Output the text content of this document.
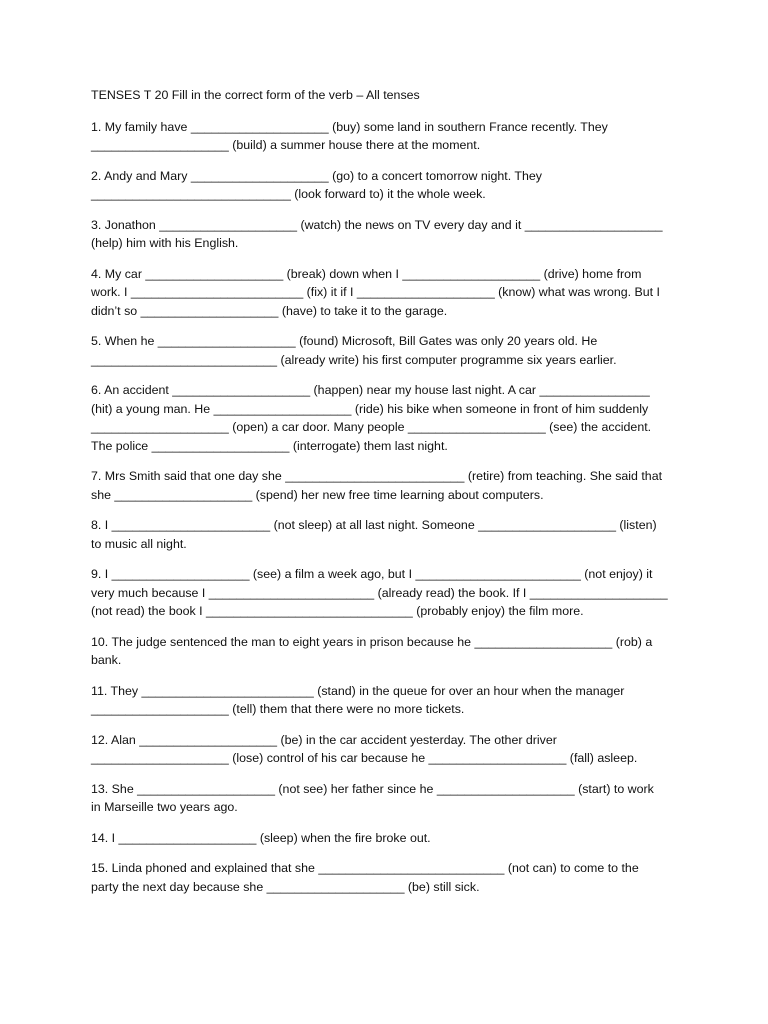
TENSES T 20 Fill in the correct form of the verb – All tenses
1. My family have ____________________ (buy) some land in southern France recently. They
____________________ (build) a summer house there at the moment.
2. Andy and Mary ____________________ (go) to a concert tomorrow night. They
_____________________________ (look forward to) it the whole week.
3. Jonathon ____________________ (watch) the news on TV every day and it ____________________
(help) him with his English.
4. My car ____________________ (break) down when I ____________________ (drive) home from
work. I _________________________ (fix) it if I ____________________ (know) what was wrong. But I
didn’t so ____________________ (have) to take it to the garage.
5. When he ____________________ (found) Microsoft, Bill Gates was only 20 years old. He
___________________________ (already write) his first computer programme six years earlier.
6. An accident ____________________ (happen) near my house last night. A car ________________
(hit) a young man. He ____________________ (ride) his bike when someone in front of him suddenly
____________________ (open) a car door. Many people ____________________ (see) the accident.
The police ____________________ (interrogate) them last night.
7. Mrs Smith said that one day she __________________________ (retire) from teaching. She said that
she ____________________ (spend) her new free time learning about computers.
8. I _______________________ (not sleep) at all last night. Someone ____________________ (listen)
to music all night.
9. I ____________________ (see) a film a week ago, but I ________________________ (not enjoy) it
very much because I ________________________ (already read) the book. If I ____________________
(not read) the book I ______________________________ (probably enjoy) the film more.
10. The judge sentenced the man to eight years in prison because he ____________________ (rob) a
bank.
11. They _________________________ (stand) in the queue for over an hour when the manager
____________________ (tell) them that there were no more tickets.
12. Alan ____________________ (be) in the car accident yesterday. The other driver
____________________ (lose) control of his car because he ____________________ (fall) asleep.
13. She ____________________ (not see) her father since he ____________________ (start) to work
in Marseille two years ago.
14. I ____________________ (sleep) when the fire broke out.
15. Linda phoned and explained that she ___________________________ (not can) to come to the
party the next day because she ____________________ (be) still sick.
